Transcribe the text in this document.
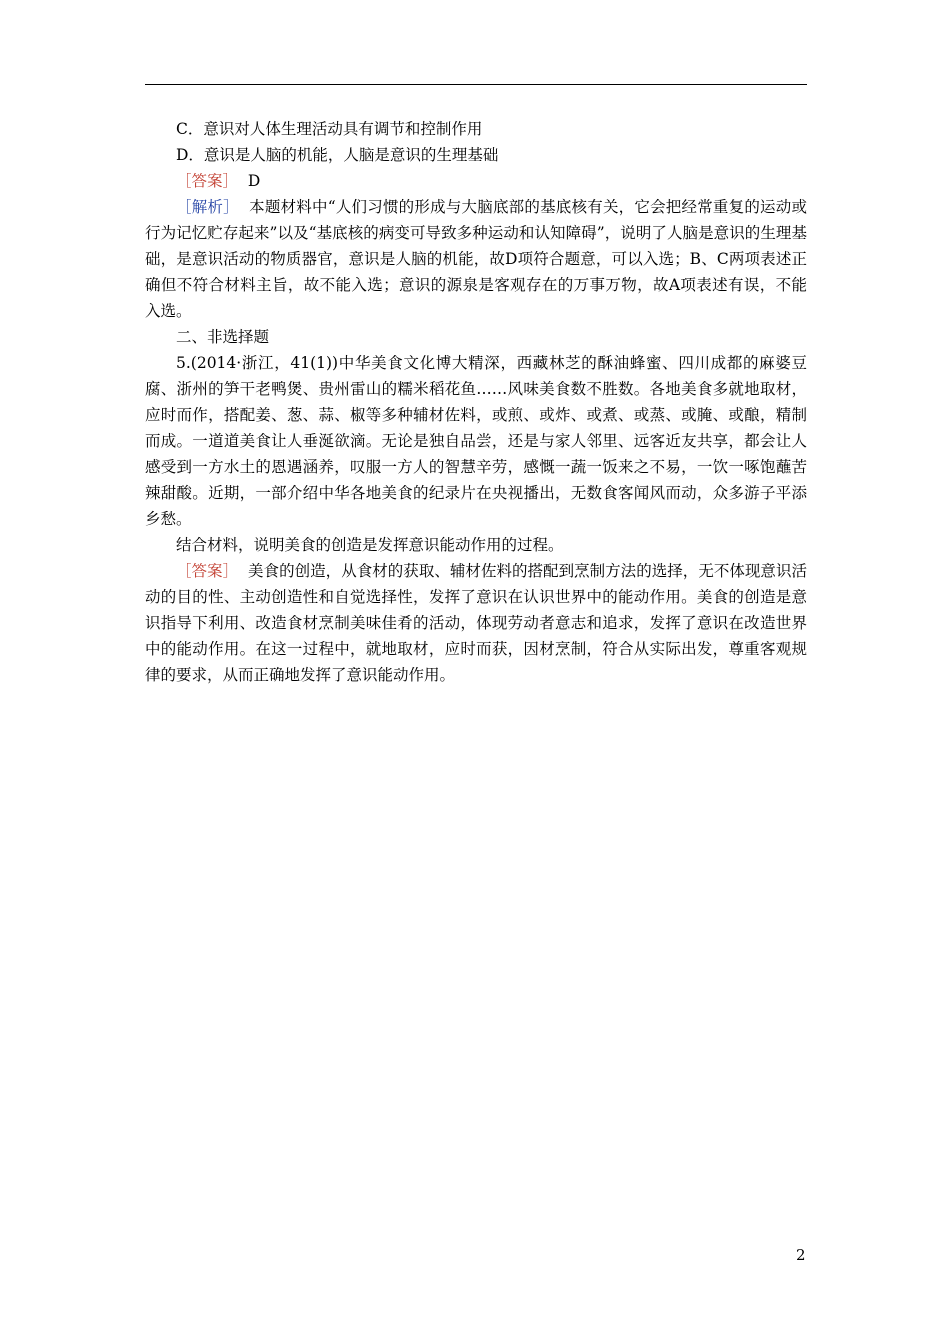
C．意识对人体生理活动具有调节和控制作用

D．意识是人脑的机能，人脑是意识的生理基础

［答案］ D

［解析］ 本题材料中“人们习惯的形成与大脑底部的基底核有关，它会把经常重复的运动或行为记忆贮存起来”以及“基底核的病变可导致多种运动和认知障碍”，说明了人脑是意识的生理基础，是意识活动的物质器官，意识是人脑的机能，故D项符合题意，可以入选；B、C两项表述正确但不符合材料主旨，故不能入选；意识的源泉是客观存在的万事万物，故A项表述有误，不能入选。

二、非选择题

5.(2014·浙江，41(1))中华美食文化博大精深，西藏林芝的酥油蜂蜜、四川成都的麻婆豆腐、浙州的笋干老鸭煲、贵州雷山的糯米稻花鱼……风味美食数不胜数。各地美食多就地取材，应时而作，搭配姜、葱、蒜、椒等多种辅材佐料，或煎、或炸、或煮、或蒸、或腌、或酿，精制而成。一道道美食让人垂涎欲滴。无论是独自品尝，还是与家人邻里、远客近友共享，都会让人感受到一方水土的恩遇涵养，叹服一方人的智慧辛劳，感慨一蔬一饭来之不易，一饮一啄饱蘸苦辣甜酸。近期，一部介绍中华各地美食的纪录片在央视播出，无数食客闻风而动，众多游子平添乡愁。

结合材料，说明美食的创造是发挥意识能动作用的过程。

［答案］ 美食的创造，从食材的获取、辅材佐料的搭配到烹制方法的选择，无不体现意识活动的目的性、主动创造性和自觉选择性，发挥了意识在认识世界中的能动作用。美食的创造是意识指导下利用、改造食材烹制美味佳肴的活动，体现劳动者意志和追求，发挥了意识在改造世界中的能动作用。在这一过程中，就地取材，应时而获，因材烹制，符合从实际出发，尊重客观规律的要求，从而正确地发挥了意识能动作用。

2
